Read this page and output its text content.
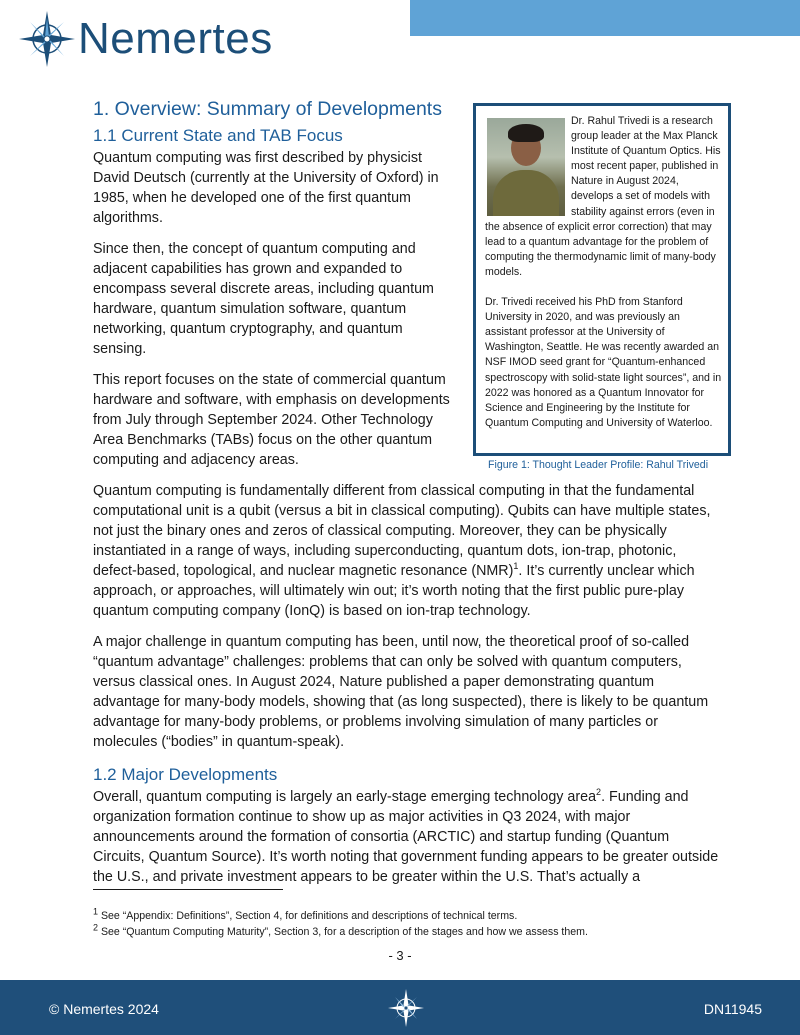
Nemertes
1. Overview: Summary of Developments
1.1 Current State and TAB Focus

Quantum computing was first described by physicist David Deutsch (currently at the University of Oxford) in 1985, when he developed one of the first quantum algorithms.

Since then, the concept of quantum computing and adjacent capabilities has grown and expanded to encompass several discrete areas, including quantum hardware, quantum simulation software, quantum networking, quantum cryptography, and quantum sensing.

This report focuses on the state of commercial quantum hardware and software, with emphasis on developments from July through September 2024. Other Technology Area Benchmarks (TABs) focus on the other quantum computing and adjacency areas.

Quantum computing is fundamentally different from classical computing in that the fundamental computational unit is a qubit (versus a bit in classical computing). Qubits can have multiple states, not just the binary ones and zeros of classical computing. Moreover, they can be physically instantiated in a range of ways, including superconducting, quantum dots, ion-trap, photonic, defect-based, topological, and nuclear magnetic resonance (NMR)$^1$. It’s currently unclear which approach, or approaches, will ultimately win out; it’s worth noting that the first public pure-play quantum computing company (IonQ) is based on ion-trap technology.

A major challenge in quantum computing has been, until now, the theoretical proof of so-called “quantum advantage” challenges: problems that can only be solved with quantum computers, versus classical ones. In August 2024, Nature published a paper demonstrating quantum advantage for many-body models, showing that (as long suspected), there is likely to be quantum advantage for many-body problems, or problems involving simulation of many particles or molecules (“bodies” in quantum-speak).

1.2 Major Developments

Overall, quantum computing is largely an early-stage emerging technology area$^2$. Funding and organization formation continue to show up as major activities in Q3 2024, with major announcements around the formation of consortia (ARCTIC) and startup funding (Quantum Circuits, Quantum Source). It’s worth noting that government funding appears to be greater outside the U.S., and private investment appears to be greater within the U.S. That’s actually a

Dr. Rahul Trivedi is a research group leader at the Max Planck Institute of Quantum Optics. His most recent paper, published in Nature in August 2024, develops a set of models with stability against errors (even in the absence of explicit error correction) that may lead to a quantum advantage for the problem of computing the thermodynamic limit of many-body models.

Dr. Trivedi received his PhD from Stanford University in 2020, and was previously an assistant professor at the University of Washington, Seattle. He was recently awarded an NSF IMOD seed grant for “Quantum-enhanced spectroscopy with solid-state light sources”, and in 2022 was honored as a Quantum Innovator for Science and Engineering by the Institute for Quantum Computing and University of Waterloo.

Figure 1: Thought Leader Profile: Rahul Trivedi
$^1$ See “Appendix: Definitions”, Section 4, for definitions and descriptions of technical terms.
$^2$ See “Quantum Computing Maturity”, Section 3, for a description of the stages and how we assess them.
- 3 -
© Nemertes 2024	DN11945
